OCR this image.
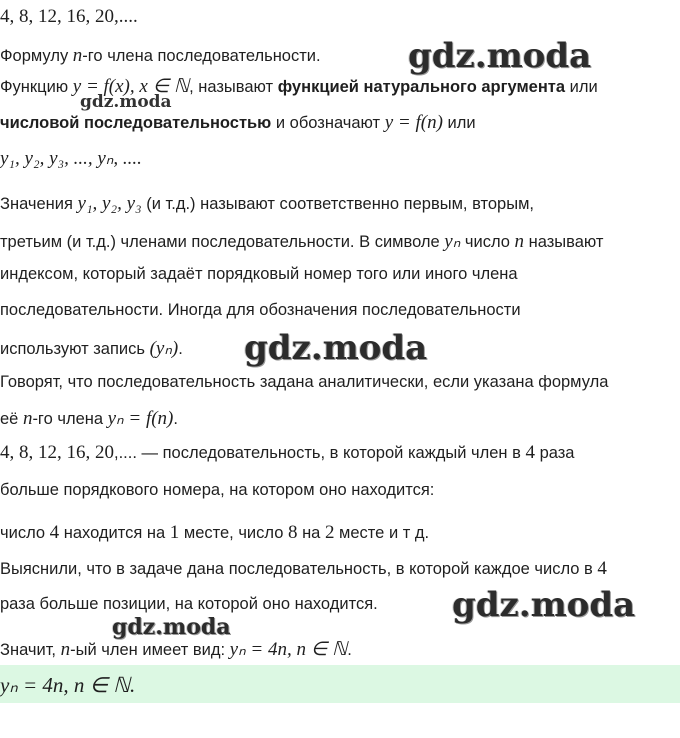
4, 8, 12, 16, 20,....
Формулу n-го члена последовательности.
Функцию y = f(x), x ∈ ℕ, называют функцией натурального аргумента или
числовой последовательностью и обозначают y = f(n) или
y₁, y₂, y₃, ..., yₙ, ....
Значения y₁, y₂, y₃ (и т.д.) называют соответственно первым, вторым,
третьим (и т.д.) членами последовательности. В символе yₙ число n называют
индексом, который задаёт порядковый номер того или иного члена
последовательности. Иногда для обозначения последовательности
используют запись (yₙ).
Говорят, что последовательность задана аналитически, если указана формула
её n-го члена yₙ = f(n).
4, 8, 12, 16, 20,.... — последовательность, в которой каждый член в 4 раза
больше порядкового номера, на котором оно находится:
число 4 находится на 1 месте, число 8 на 2 месте и т д.
Выяснили, что в задаче дана последовательность, в которой каждое число в 4
раза больше позиции, на которой оно находится.
Значит, n-ый член имеет вид: yₙ = 4n, n ∈ ℕ.
yₙ = 4n, n ∈ ℕ.
gdz.moda
gdz.moda
gdz.moda
gdz.moda
gdz.moda
